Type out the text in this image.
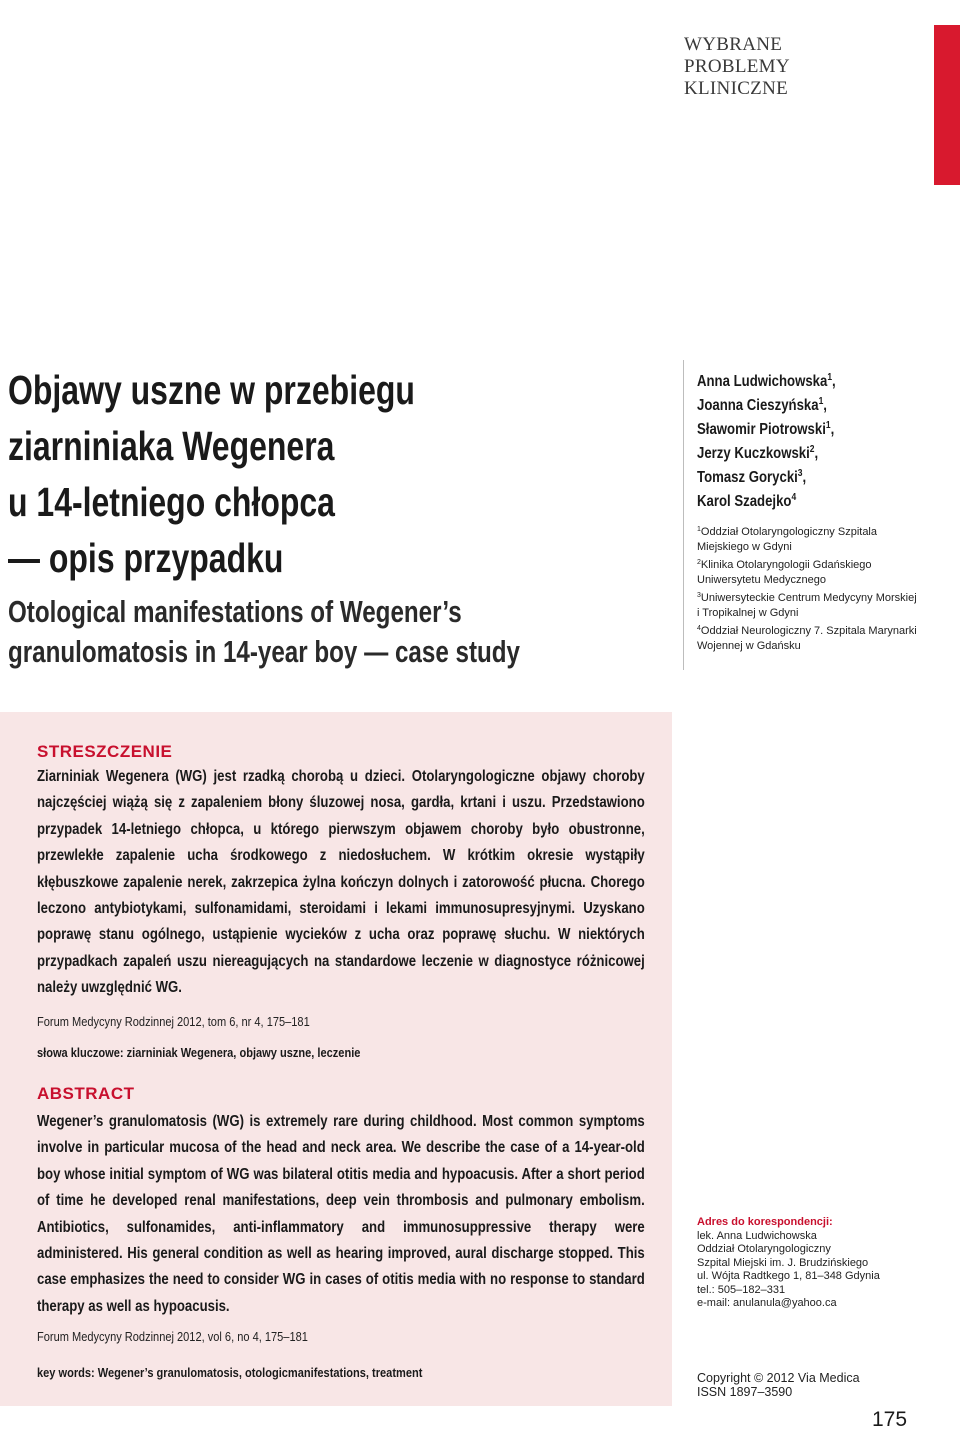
WYBRANE
PROBLEMY
KLINICZNE
Objawy uszne w przebiegu
ziarniniaka Wegenera
u 14-letniego chłopca
— opis przypadku
Otological manifestations of Wegener’s
granulomatosis in 14-year boy — case study
Anna Ludwichowska$^1$,
Joanna Cieszyńska$^1$,
Sławomir Piotrowski$^1$,
Jerzy Kuczkowski$^2$,
Tomasz Gorycki$^3$,
Karol Szadejko$^4$
$^1$Oddział Otolaryngologiczny Szpitala
Miejskiego w Gdyni
$^2$Klinika Otolaryngologii Gdańskiego
Uniwersytetu Medycznego
$^3$Uniwersyteckie Centrum Medycyny Morskiej
i Tropikalnej w Gdyni
$^4$Oddział Neurologiczny 7. Szpitala Marynarki
Wojennej w Gdańsku
STRESZCZENIE
Ziarniniak Wegenera (WG) jest rzadką chorobą u dzieci. Otolaryngologiczne objawy choroby najczęściej wiążą się z zapaleniem błony śluzowej nosa, gardła, krtani i uszu. Przedstawiono przypadek 14-letniego chłopca, u którego pierwszym objawem choroby było obustronne, przewlekłe zapalenie ucha środkowego z niedosłuchem. W krótkim okresie wystąpiły kłębuszkowe zapalenie nerek, zakrzepica żylna kończyn dolnych i zatorowość płucna. Chorego leczono antybiotykami, sulfonamidami, steroidami i lekami immunosupresyjnymi. Uzyskano poprawę stanu ogólnego, ustąpienie wycieków z ucha oraz poprawę słuchu. W niektórych przypadkach zapaleń uszu niereagujących na standardowe leczenie w diagnostyce różnicowej należy uwzględnić WG.
Forum Medycyny Rodzinnej 2012, tom 6, nr 4, 175–181
słowa kluczowe: ziarniniak Wegenera, objawy uszne, leczenie
ABSTRACT
Wegener’s granulomatosis (WG) is extremely rare during childhood. Most common symptoms involve in particular mucosa of the head and neck area. We describe the case of a 14-year-old boy whose initial symptom of WG was bilateral otitis media and hypoacusis. After a short period of time he developed renal manifestations, deep vein thrombosis and pulmonary embolism. Antibiotics, sulfonamides, anti-inflammatory and immunosuppressive therapy were administered. His general condition as well as hearing improved, aural discharge stopped. This case emphasizes the need to consider WG in cases of otitis media with no response to standard therapy as well as hypoacusis.
Forum Medycyny Rodzinnej 2012, vol 6, no 4, 175–181
key words: Wegener’s granulomatosis, otologicmanifestations, treatment
Adres do korespondencji:
lek. Anna Ludwichowska
Oddział Otolaryngologiczny
Szpital Miejski im. J. Brudzińskiego
ul. Wójta Radtkego 1, 81–348 Gdynia
tel.: 505–182–331
e-mail: anulanula@yahoo.ca
Copyright © 2012 Via Medica
ISSN 1897–3590
175
